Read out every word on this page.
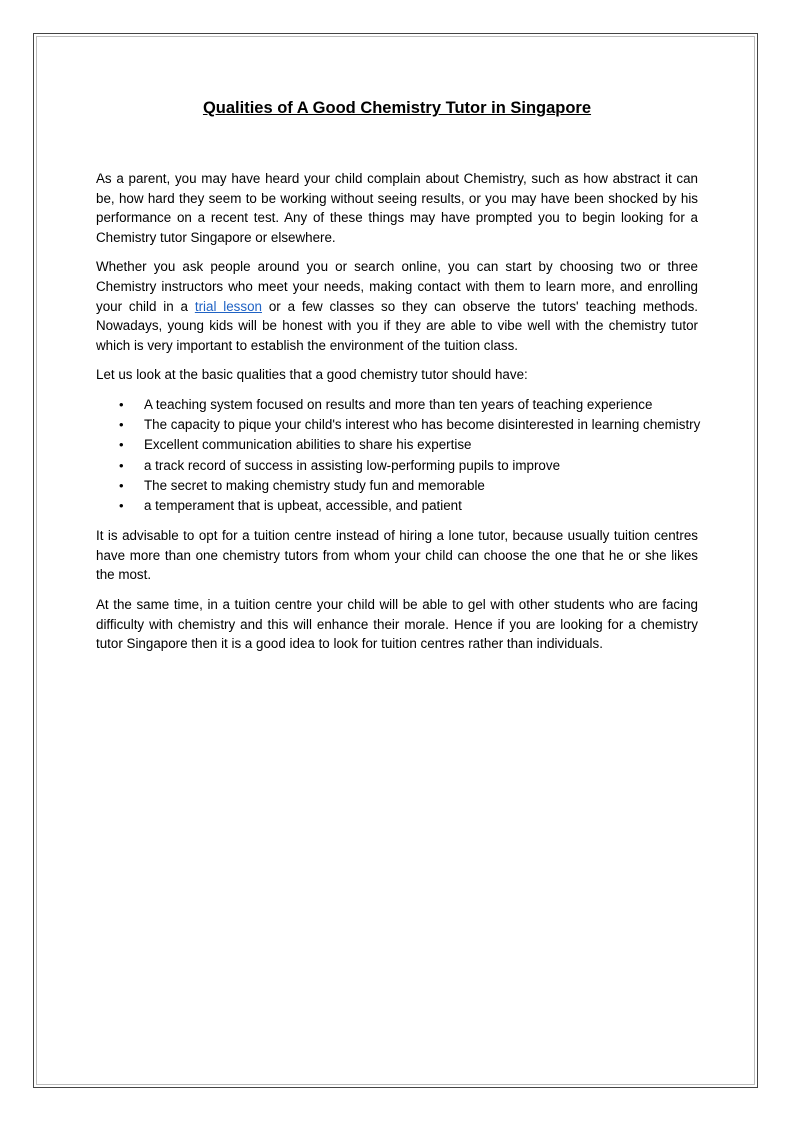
Qualities of A Good Chemistry Tutor in Singapore

As a parent, you may have heard your child complain about Chemistry, such as how abstract it can be, how hard they seem to be working without seeing results, or you may have been shocked by his performance on a recent test. Any of these things may have prompted you to begin looking for a Chemistry tutor Singapore or elsewhere.

Whether you ask people around you or search online, you can start by choosing two or three Chemistry instructors who meet your needs, making contact with them to learn more, and enrolling your child in a trial lesson or a few classes so they can observe the tutors' teaching methods. Nowadays, young kids will be honest with you if they are able to vibe well with the chemistry tutor which is very important to establish the environment of the tuition class.

Let us look at the basic qualities that a good chemistry tutor should have:

• A teaching system focused on results and more than ten years of teaching experience
• The capacity to pique your child's interest who has become disinterested in learning chemistry
• Excellent communication abilities to share his expertise
• a track record of success in assisting low-performing pupils to improve
• The secret to making chemistry study fun and memorable
• a temperament that is upbeat, accessible, and patient

It is advisable to opt for a tuition centre instead of hiring a lone tutor, because usually tuition centres have more than one chemistry tutors from whom your child can choose the one that he or she likes the most.

At the same time, in a tuition centre your child will be able to gel with other students who are facing difficulty with chemistry and this will enhance their morale. Hence if you are looking for a chemistry tutor Singapore then it is a good idea to look for tuition centres rather than individuals.
